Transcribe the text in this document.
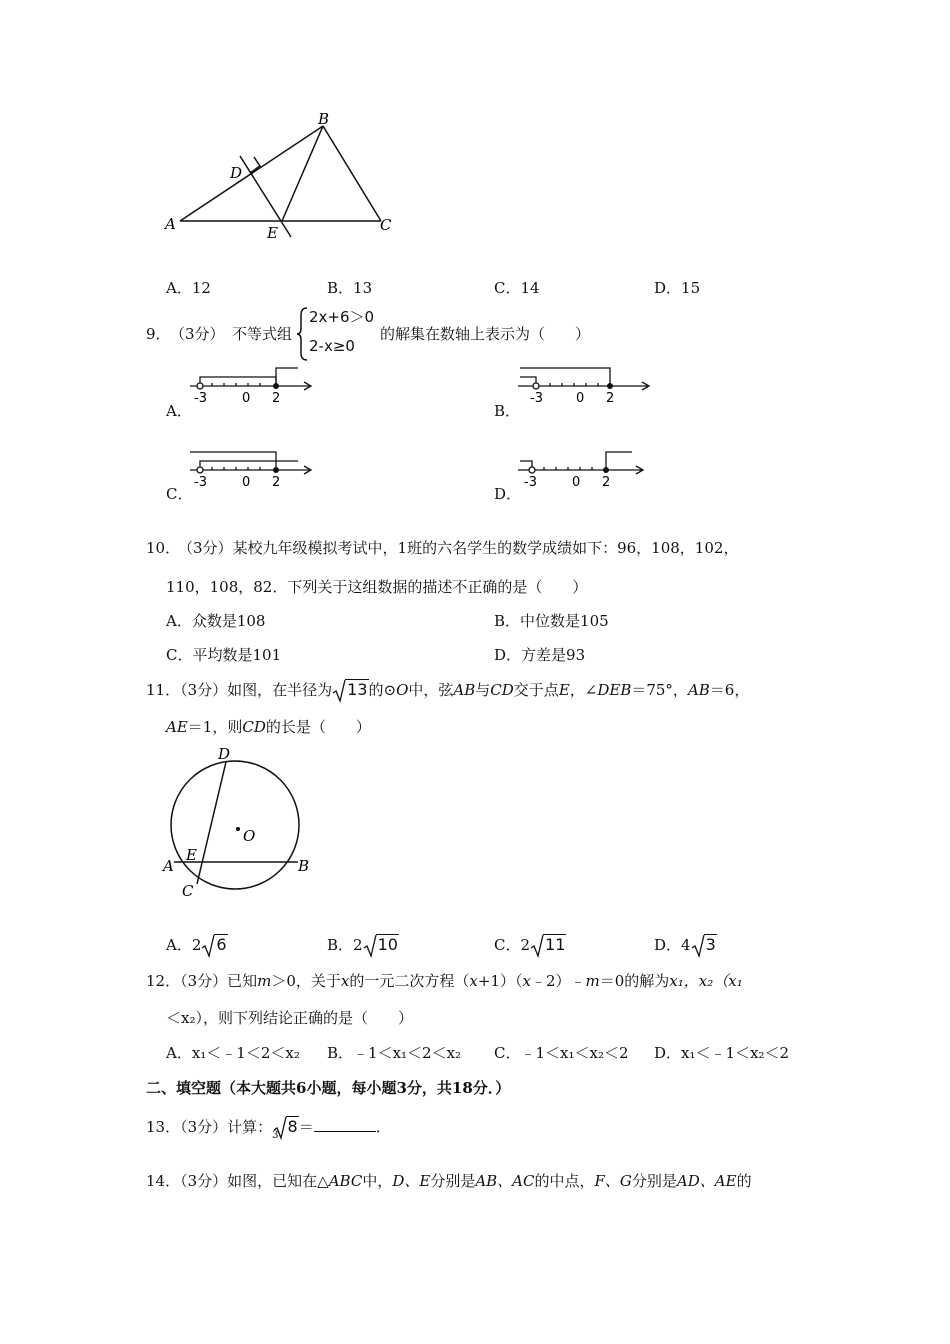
B
D
A	E	C
A．12	B．13	C．14	D．15
9． （3分） 不等式组
2x+6＞0
2-x≥0
的解集在数轴上表示为（　　）
A．
-3	0 2
B．
-3	0 2
C．
-3	0 2
D．
-3	0 2
10．
（3分）某校九年级模拟考试中，1班的六名学生的数学成绩如下：96，108，102，
110，108，82．下列关于这组数据的描述不正确的是（　　）
A．众数是108	B．中位数是105
C．平均数是101	D．方差是93
11．（3分）如图，在半径为 13的⊙O中，弦AB与CD交于点E，∠DEB＝75°，AB＝6，
AE＝1，则CD的长是（　　）
D
O
A
E
B
C
A．2 6	B．2 10	C．2 11	D．4 3
12．（3分）已知m＞0，关于x的一元二次方程（x+1）（x﹣2）﹣m＝0的解为x₁，x₂（x₁
＜x₂），则下列结论正确的是（　　）
A．x₁＜﹣1＜2＜x₂ B．﹣1＜x₁＜2＜x₂ C．﹣1＜x₁＜x₂＜2 D．x₁＜﹣1＜x₂＜2
二、填空题（本大题共6小题，每小题3分，共18分．）
13．（3分）计算：$_3$ 8＝	．
14．（3分）如图，已知在△ABC中，D、E分别是AB、AC的中点，F、G分别是AD、AE的
